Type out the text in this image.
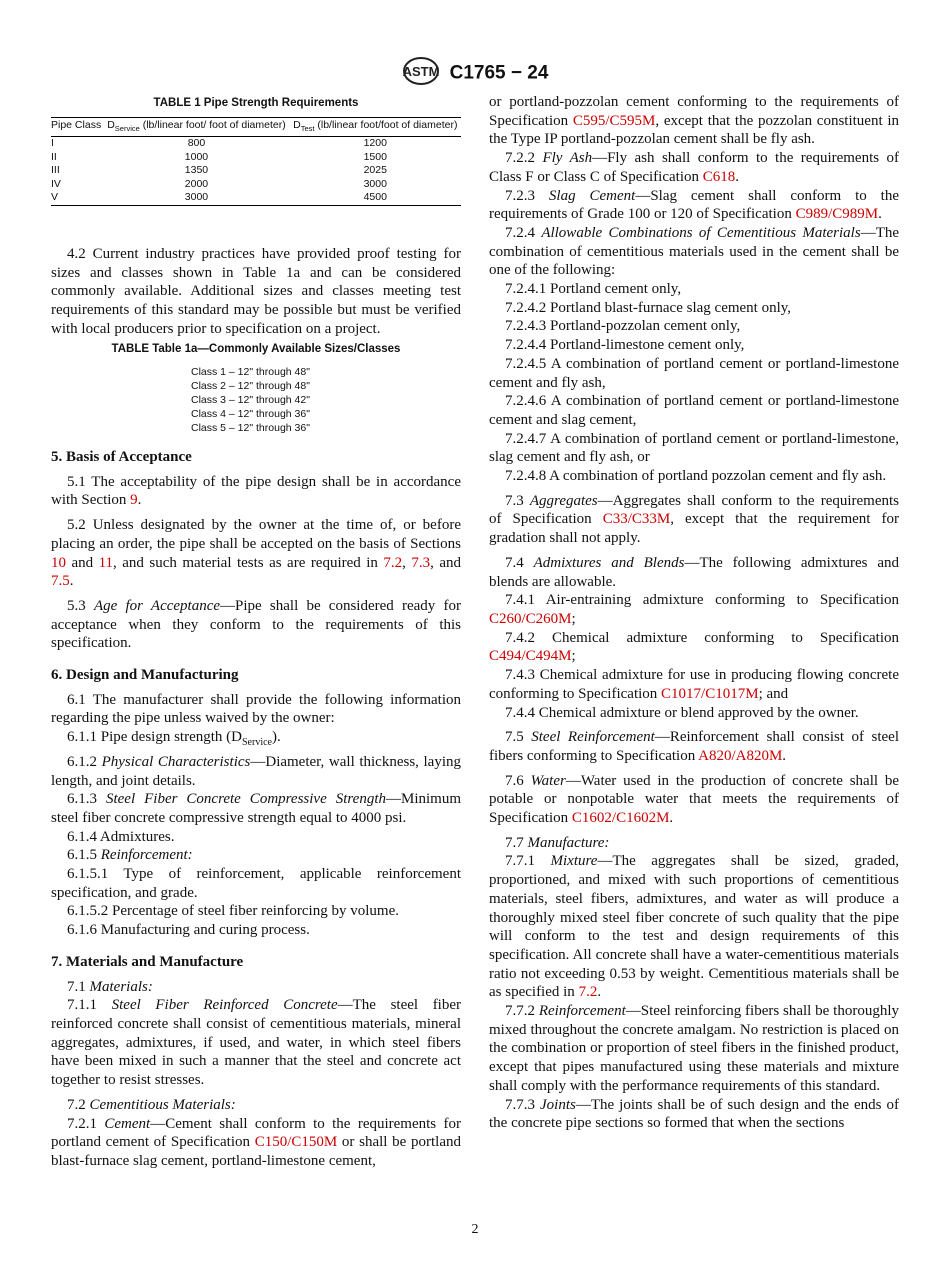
ASTM C1765 − 24
TABLE 1 Pipe Strength Requirements
Pipe Class	$D_{Service}$ (lb/linear foot/ foot of diameter)	$D_{Test}$ (lb/linear foot/foot of diameter)
I	800	1200
II	1000	1500
III	1350	2025
IV	2000	3000
V	3000	4500

4.2 Current industry practices have provided proof testing for sizes and classes shown in Table 1a and can be considered commonly available. Additional sizes and classes meeting test requirements of this standard may be possible but must be verified with local producers prior to specification on a project.

TABLE Table 1a—Commonly Available Sizes/Classes
Class 1 – 12" through 48"
Class 2 – 12" through 48"
Class 3 – 12" through 42"
Class 4 – 12" through 36"
Class 5 – 12" through 36"
5. Basis of Acceptance

5.1 The acceptability of the pipe design shall be in accordance with Section 9.

5.2 Unless designated by the owner at the time of, or before placing an order, the pipe shall be accepted on the basis of Sections 10 and 11, and such material tests as are required in 7.2, 7.3, and 7.5.

5.3 Age for Acceptance—Pipe shall be considered ready for acceptance when they conform to the requirements of this specification.

6. Design and Manufacturing

6.1 The manufacturer shall provide the following information regarding the pipe unless waived by the owner:

6.1.1 Pipe design strength $(D_{Service})$.

6.1.2 Physical Characteristics—Diameter, wall thickness, laying length, and joint details.

6.1.3 Steel Fiber Concrete Compressive Strength—Minimum steel fiber concrete compressive strength equal to 4000 psi.

6.1.4 Admixtures.

6.1.5 Reinforcement:

6.1.5.1 Type of reinforcement, applicable reinforcement specification, and grade.

6.1.5.2 Percentage of steel fiber reinforcing by volume.

6.1.6 Manufacturing and curing process.

7. Materials and Manufacture

7.1 Materials:

7.1.1 Steel Fiber Reinforced Concrete—The steel fiber reinforced concrete shall consist of cementitious materials, mineral aggregates, admixtures, if used, and water, in which steel fibers have been mixed in such a manner that the steel and concrete act together to resist stresses.

7.2 Cementitious Materials:

7.2.1 Cement—Cement shall conform to the requirements for portland cement of Specification C150/C150M or shall be portland blast-furnace slag cement, portland-limestone cement,

or portland-pozzolan cement conforming to the requirements of Specification C595/C595M, except that the pozzolan constituent in the Type IP portland-pozzolan cement shall be fly ash.

7.2.2 Fly Ash—Fly ash shall conform to the requirements of Class F or Class C of Specification C618.

7.2.3 Slag Cement—Slag cement shall conform to the requirements of Grade 100 or 120 of Specification C989/C989M.

7.2.4 Allowable Combinations of Cementitious Materials—The combination of cementitious materials used in the cement shall be one of the following:

7.2.4.1 Portland cement only,

7.2.4.2 Portland blast-furnace slag cement only,

7.2.4.3 Portland-pozzolan cement only,

7.2.4.4 Portland-limestone cement only,

7.2.4.5 A combination of portland cement or portland-limestone cement and fly ash,

7.2.4.6 A combination of portland cement or portland-limestone cement and slag cement,

7.2.4.7 A combination of portland cement or portland-limestone, slag cement and fly ash, or

7.2.4.8 A combination of portland pozzolan cement and fly ash.

7.3 Aggregates—Aggregates shall conform to the requirements of Specification C33/C33M, except that the requirement for gradation shall not apply.

7.4 Admixtures and Blends—The following admixtures and blends are allowable.

7.4.1 Air-entraining admixture conforming to Specification C260/C260M;

7.4.2 Chemical admixture conforming to Specification C494/C494M;

7.4.3 Chemical admixture for use in producing flowing concrete conforming to Specification C1017/C1017M; and

7.4.4 Chemical admixture or blend approved by the owner.

7.5 Steel Reinforcement—Reinforcement shall consist of steel fibers conforming to Specification A820/A820M.

7.6 Water—Water used in the production of concrete shall be potable or nonpotable water that meets the requirements of Specification C1602/C1602M.

7.7 Manufacture:

7.7.1 Mixture—The aggregates shall be sized, graded, proportioned, and mixed with such proportions of cementitious materials, steel fibers, admixtures, and water as will produce a thoroughly mixed steel fiber concrete of such quality that the pipe will conform to the test and design requirements of this specification. All concrete shall have a water-cementitious materials ratio not exceeding 0.53 by weight. Cementitious materials shall be as specified in 7.2.

7.7.2 Reinforcement—Steel reinforcing fibers shall be thoroughly mixed throughout the concrete amalgam. No restriction is placed on the combination or proportion of steel fibers in the finished product, except that pipes manufactured using these materials and mixture shall comply with the performance requirements of this standard.

7.7.3 Joints—The joints shall be of such design and the ends of the concrete pipe sections so formed that when the sections

2
